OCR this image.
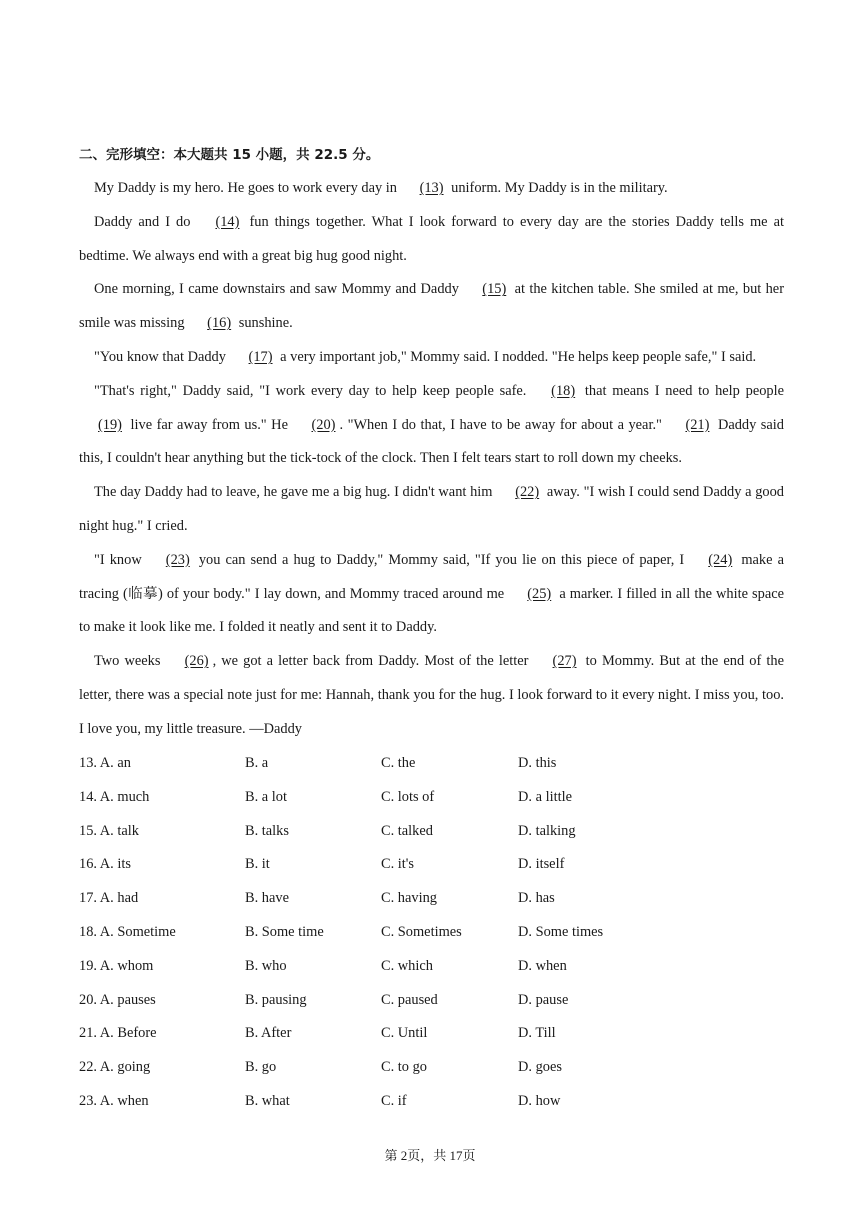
二、完形填空：本大题共 15 小题，共 22.5 分。

My Daddy is my hero. He goes to work every day in (13) uniform. My Daddy is in the military.

Daddy and I do (14) fun things together. What I look forward to every day are the stories Daddy tells me at bedtime. We always end with a great big hug good night.

One morning, I came downstairs and saw Mommy and Daddy (15) at the kitchen table. She smiled at me, but her smile was missing (16) sunshine.

"You know that Daddy (17) a very important job," Mommy said. I nodded. "He helps keep people safe," I said.

"That's right," Daddy said, "I work every day to help keep people safe. (18) that means I need to help people (19) live far away from us." He (20) . "When I do that, I have to be away for about a year." (21) Daddy said this, I couldn't hear anything but the tick-tock of the clock. Then I felt tears start to roll down my cheeks.

The day Daddy had to leave, he gave me a big hug. I didn't want him (22) away. "I wish I could send Daddy a good night hug." I cried.

"I know (23) you can send a hug to Daddy," Mommy said, "If you lie on this piece of paper, I (24) make a tracing (临摹) of your body." I lay down, and Mommy traced around me (25) a marker. I filled in all the white space to make it look like me. I folded it neatly and sent it to Daddy.

Two weeks (26) , we got a letter back from Daddy. Most of the letter (27) to Mommy. But at the end of the letter, there was a special note just for me: Hannah, thank you for the hug. I look forward to it every night. I miss you, too. I love you, my little treasure. —Daddy

13. A. an	B. a	C. the	D. this
14. A. much	B. a lot	C. lots of	D. a little
15. A. talk	B. talks	C. talked	D. talking
16. A. its	B. it	C. it's	D. itself
17. A. had	B. have	C. having	D. has
18. A. Sometime	B. Some time	C. Sometimes	D. Some times
19. A. whom	B. who	C. which	D. when
20. A. pauses	B. pausing	C. paused	D. pause
21. A. Before	B. After	C. Until	D. Till
22. A. going	B. go	C. to go	D. goes
23. A. when	B. what	C. if	D. how
第 2页，共 17页
